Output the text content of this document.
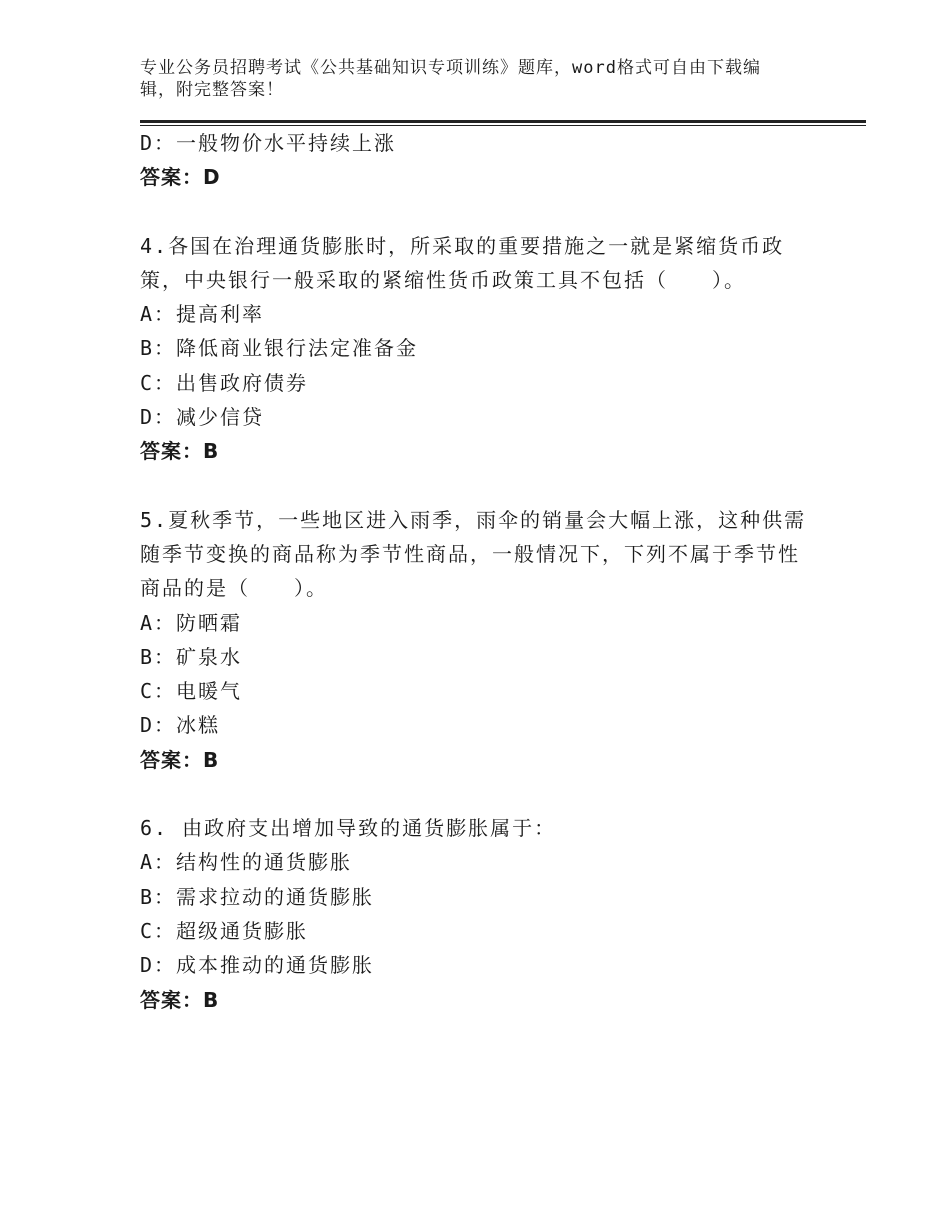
专业公务员招聘考试《公共基础知识专项训练》题库，word格式可自由下载编
辑，附完整答案！
D：一般物价水平持续上涨
答案：D
4.各国在治理通货膨胀时，所采取的重要措施之一就是紧缩货币政
策，中央银行一般采取的紧缩性货币政策工具不包括（　　）。
A：提高利率
B：降低商业银行法定准备金
C：出售政府债券
D：减少信贷
答案：B
5.夏秋季节，一些地区进入雨季，雨伞的销量会大幅上涨，这种供需
随季节变换的商品称为季节性商品，一般情况下，下列不属于季节性
商品的是（　　）。
A：防晒霜
B：矿泉水
C：电暖气
D：冰糕
答案：B
6. 由政府支出增加导致的通货膨胀属于：
A：结构性的通货膨胀
B：需求拉动的通货膨胀
C：超级通货膨胀
D：成本推动的通货膨胀
答案：B
